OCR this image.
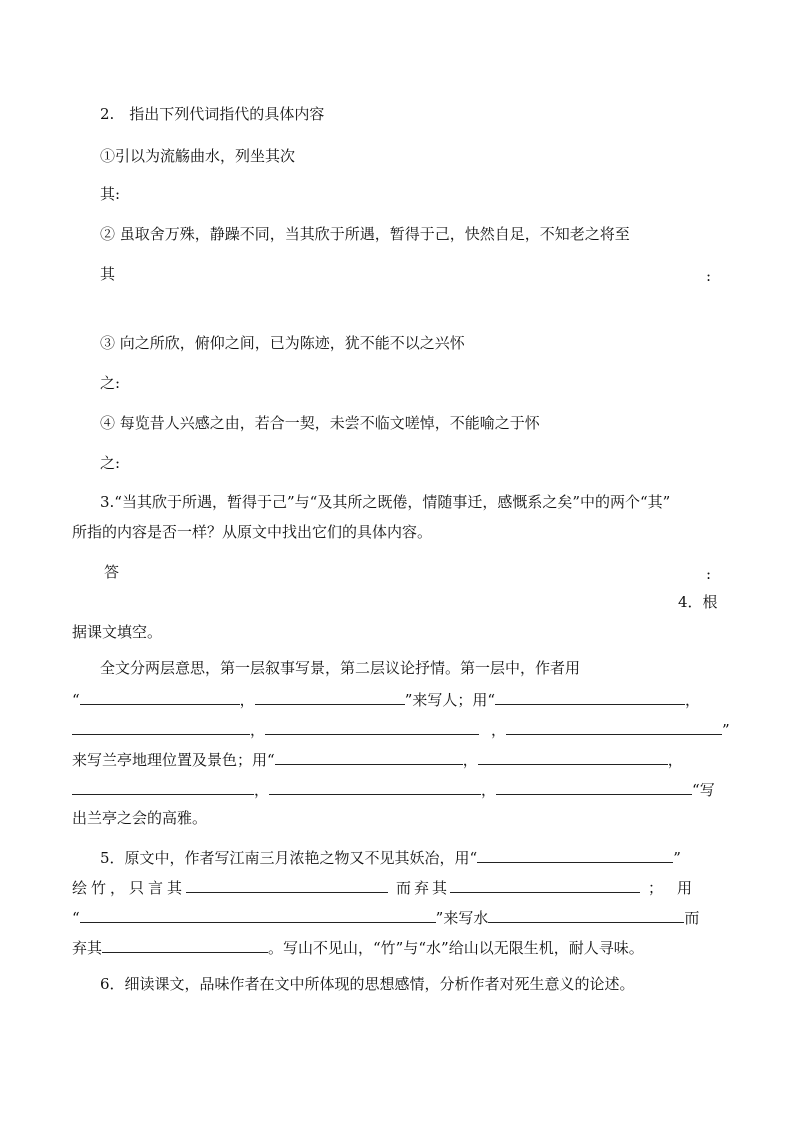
2.　指出下列代词指代的具体内容
①引以为流觞曲水，列坐其次
其:
② 虽取舍万殊，静躁不同，当其欣于所遇，暂得于己，快然自足，不知老之将至
其	:
③ 向之所欣，俯仰之间，已为陈迹，犹不能不以之兴怀
之:
④ 每览昔人兴感之由，若合一契，未尝不临文嗟悼，不能喻之于怀
之:
3.“当其欣于所遇，暂得于己”与“及其所之既倦，情随事迁，感慨系之矣”中的两个“其”
所指的内容是否一样？从原文中找出它们的具体内容。
答	:
4．根
据课文填空。
全文分两层意思，第一层叙事写景，第二层议论抒情。第一层中，作者用
“	，	”来写人；用“	，
，	，	”
来写兰亭地理位置及景色；用“	，	，
，	，	“写
出兰亭之会的高雅。
5．原文中，作者写江南三月浓艳之物又不见其妖冶，用“	”
绘竹，只言其	而弃其	；用
“	”来写水	而
弃其	。写山不见山，“竹”与“水”给山以无限生机，耐人寻味。
6．细读课文，品味作者在文中所体现的思想感情，分析作者对死生意义的论述。
